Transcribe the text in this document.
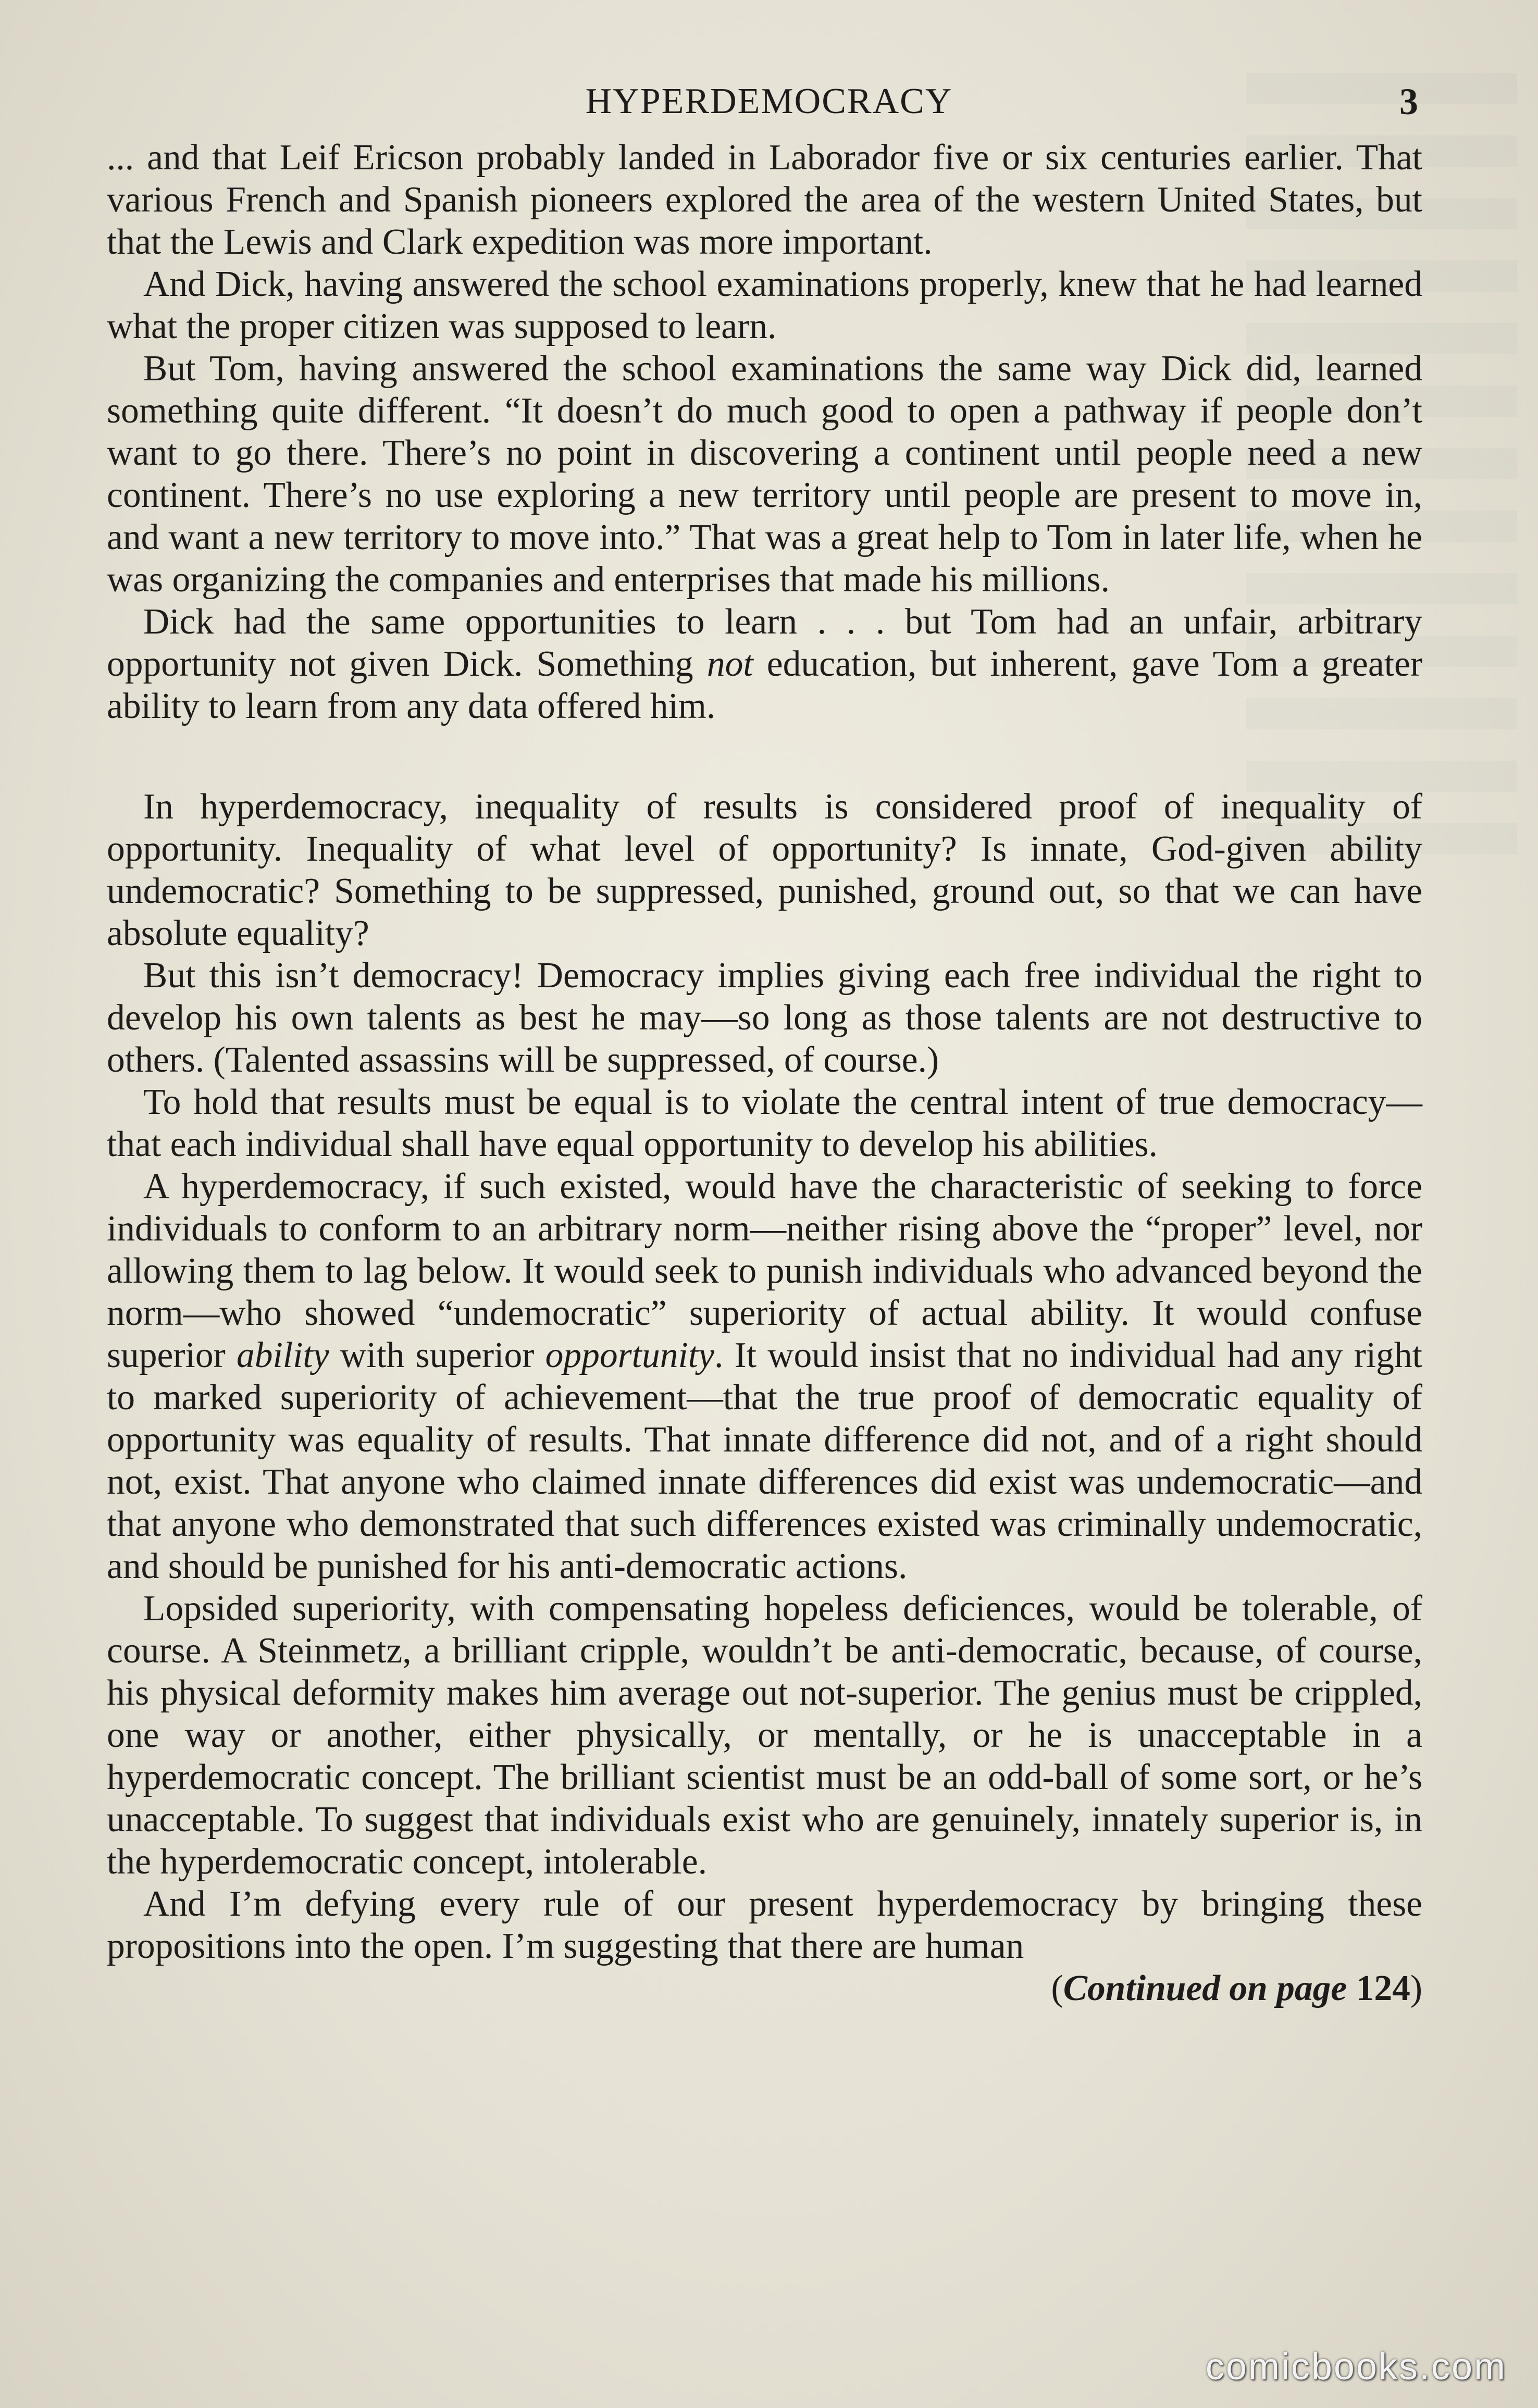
HYPERDEMOCRACY	3

... and that Leif Ericson probably landed in Laborador five or six centuries earlier. That various French and Spanish pioneers explored the area of the western United States, but that the Lewis and Clark expedition was more important.

And Dick, having answered the school examinations properly, knew that he had learned what the proper citizen was supposed to learn.

But Tom, having answered the school examinations the same way Dick did, learned something quite different. “It doesn’t do much good to open a pathway if people don’t want to go there. There’s no point in discovering a continent until people need a new continent. There’s no use exploring a new territory until people are present to move in, and want a new territory to move into.” That was a great help to Tom in later life, when he was organizing the companies and enterprises that made his millions.

Dick had the same opportunities to learn . . . but Tom had an unfair, arbitrary opportunity not given Dick. Something not education, but inherent, gave Tom a greater ability to learn from any data offered him.

In hyperdemocracy, inequality of results is considered proof of inequality of opportunity. Inequality of what level of opportunity? Is innate, God-given ability undemocratic? Something to be suppressed, punished, ground out, so that we can have absolute equality?

But this isn’t democracy! Democracy implies giving each free individual the right to develop his own talents as best he may—so long as those talents are not destructive to others. (Talented assassins will be suppressed, of course.)

To hold that results must be equal is to violate the central intent of true democracy—that each individual shall have equal opportunity to develop his abilities.

A hyperdemocracy, if such existed, would have the characteristic of seeking to force individuals to conform to an arbitrary norm—neither rising above the “proper” level, nor allowing them to lag below. It would seek to punish individuals who advanced beyond the norm—who showed “undemocratic” superiority of actual ability. It would confuse superior ability with superior opportunity. It would insist that no individual had any right to marked superiority of achievement—that the true proof of democratic equality of opportunity was equality of results. That innate difference did not, and of a right should not, exist. That anyone who claimed innate differences did exist was undemocratic—and that anyone who demonstrated that such differences existed was criminally undemocratic, and should be punished for his anti-democratic actions.

Lopsided superiority, with compensating hopeless deficiences, would be tolerable, of course. A Steinmetz, a brilliant cripple, wouldn’t be anti-democratic, because, of course, his physical deformity makes him average out not-superior. The genius must be crippled, one way or another, either physically, or mentally, or he is unacceptable in a hyperdemocratic concept. The brilliant scientist must be an odd-ball of some sort, or he’s unacceptable. To suggest that individuals exist who are genuinely, innately superior is, in the hyperdemocratic concept, intolerable.

And I’m defying every rule of our present hyperdemocracy by bringing these propositions into the open. I’m suggesting that there are human

(Continued on page 124)

comicbooks.com
